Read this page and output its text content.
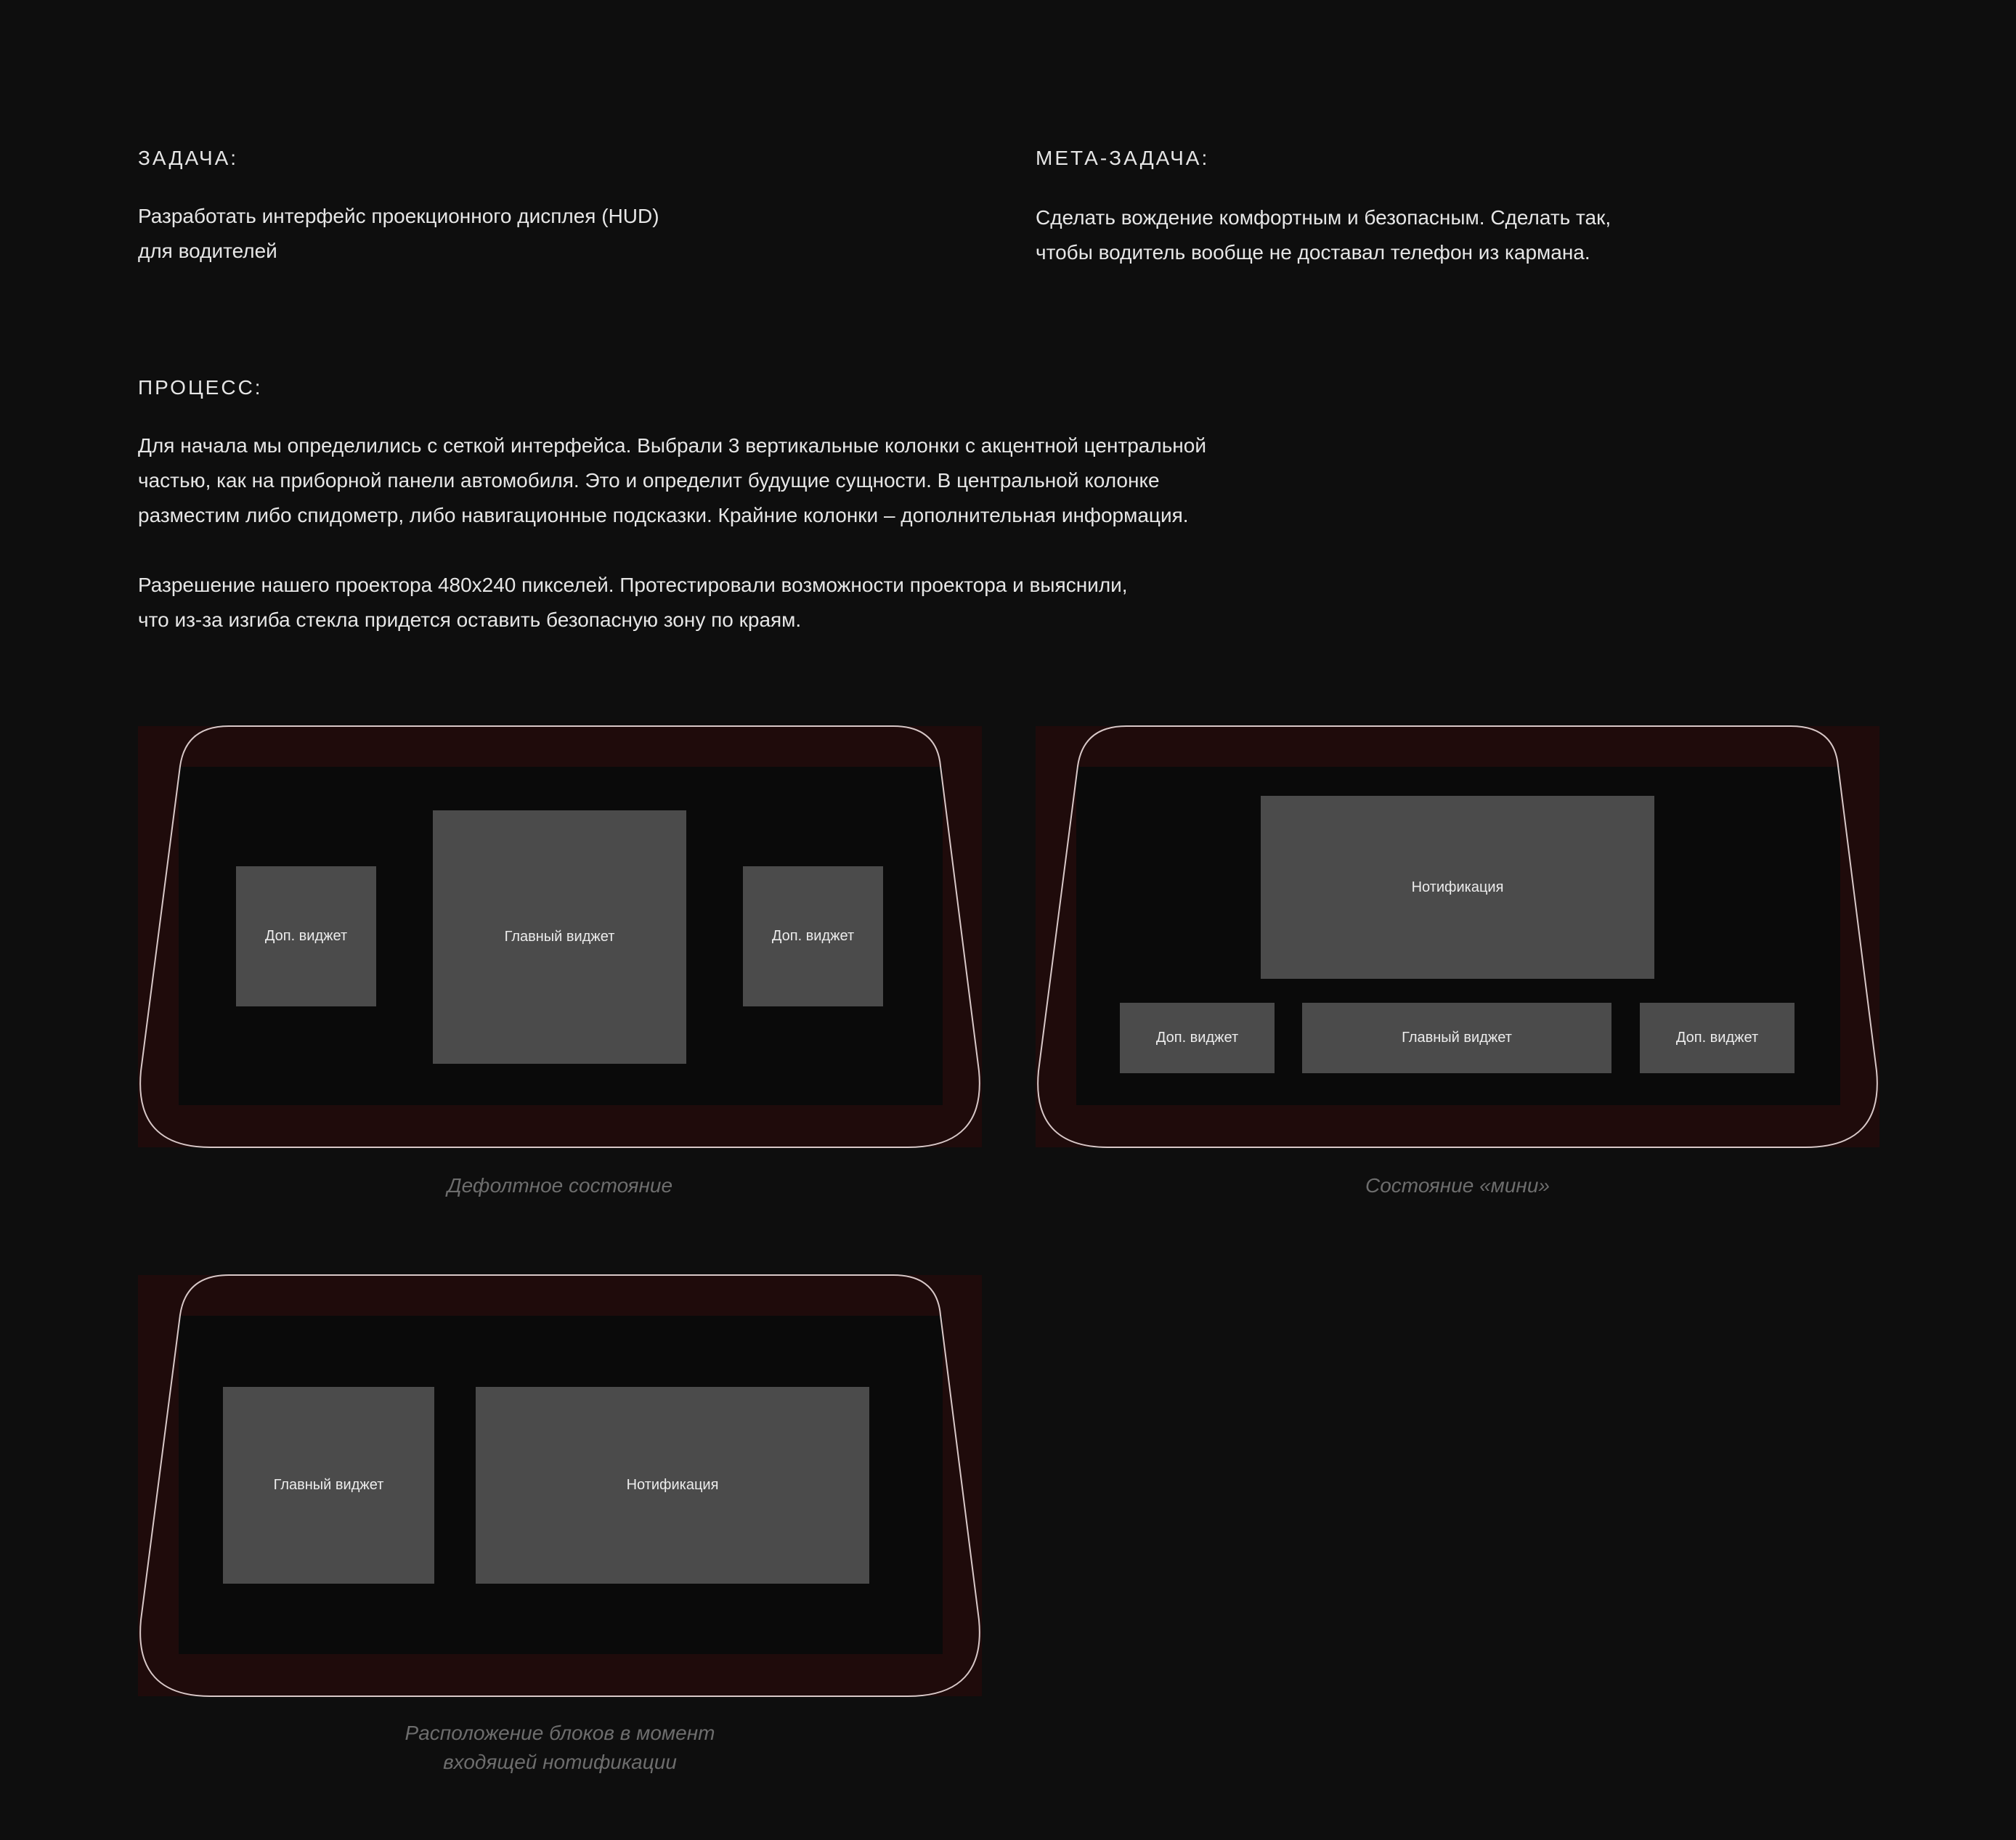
ЗАДАЧА:

Разработать интерфейс проекционного дисплея (HUD)
для водителей

МЕТА-ЗАДАЧА:

Сделать вождение комфортным и безопасным. Сделать так,
чтобы водитель вообще не доставал телефон из кармана.

ПРОЦЕСС:

Для начала мы определились с сеткой интерфейса. Выбрали 3 вертикальные колонки с акцентной центральной
частью, как на приборной панели автомобиля. Это и определит будущие сущности. В центральной колонке
разместим либо спидометр, либо навигационные подсказки. Крайние колонки – дополнительная информация.

Разрешение нашего проектора 480x240 пикселей. Протестировали возможности проектора и выяснили,
что из-за изгиба стекла придется оставить безопасную зону по краям.

Доп. виджет	Главный виджет	Доп. виджет

Дефолтное состояние

Нотификация
Доп. виджет	Главный виджет	Доп. виджет

Состояние «мини»

Главный виджет	Нотификация

Расположение блоков в момент
входящей нотификации
